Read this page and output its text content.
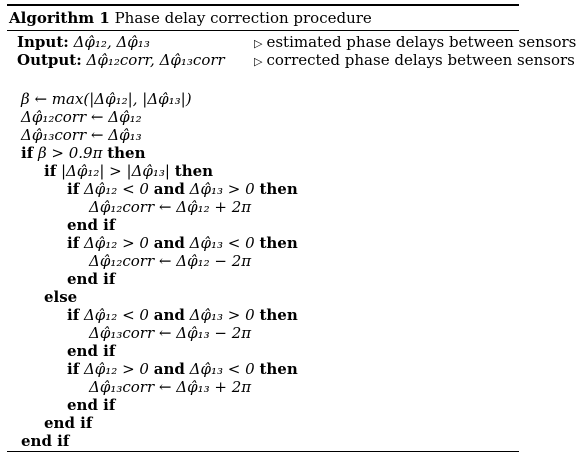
Algorithm 1 Phase delay correction procedure
Input: Δφ̂₁₂, Δφ̂₁₃	▷ estimated phase delays between sensors
Output: Δφ̂₁₂corr, Δφ̂₁₃corr	▷ corrected phase delays between sensors
β ← max(|Δφ̂₁₂|, |Δφ̂₁₃|)
Δφ̂₁₂corr ← Δφ̂₁₂
Δφ̂₁₃corr ← Δφ̂₁₃
if β > 0.9π then
if |Δφ̂₁₂| > |Δφ̂₁₃| then
if Δφ̂₁₂ < 0 and Δφ̂₁₃ > 0 then
Δφ̂₁₂corr ← Δφ̂₁₂ + 2π
end if
if Δφ̂₁₂ > 0 and Δφ̂₁₃ < 0 then
Δφ̂₁₂corr ← Δφ̂₁₂ − 2π
end if
else
if Δφ̂₁₂ < 0 and Δφ̂₁₃ > 0 then
Δφ̂₁₃corr ← Δφ̂₁₃ − 2π
end if
if Δφ̂₁₂ > 0 and Δφ̂₁₃ < 0 then
Δφ̂₁₃corr ← Δφ̂₁₃ + 2π
end if
end if
end if
